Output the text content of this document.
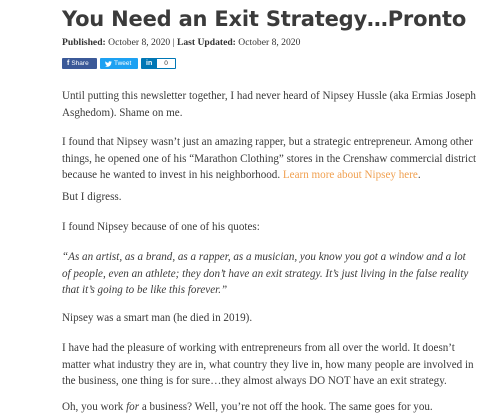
You Need an Exit Strategy…Pronto
Published: October 8, 2020 | Last Updated: October 8, 2020
f Share	Tweet in	0

Until putting this newsletter together, I had never heard of Nipsey Hussle (aka Ermias Joseph Asghedom). Shame on me.

I found that Nipsey wasn’t just an amazing rapper, but a strategic entrepreneur. Among other things, he opened one of his “Marathon Clothing” stores in the Crenshaw commercial district because he wanted to invest in his neighborhood. Learn more about Nipsey here.

But I digress.

I found Nipsey because of one of his quotes:

“As an artist, as a brand, as a rapper, as a musician, you know you got a window and a lot of people, even an athlete; they don’t have an exit strategy. It’s just living in the false reality that it’s going to be like this forever.”

Nipsey was a smart man (he died in 2019).

I have had the pleasure of working with entrepreneurs from all over the world. It doesn’t matter what industry they are in, what country they live in, how many people are involved in the business, one thing is for sure…they almost always DO NOT have an exit strategy.

Oh, you work for a business? Well, you’re not off the hook. The same goes for you.
